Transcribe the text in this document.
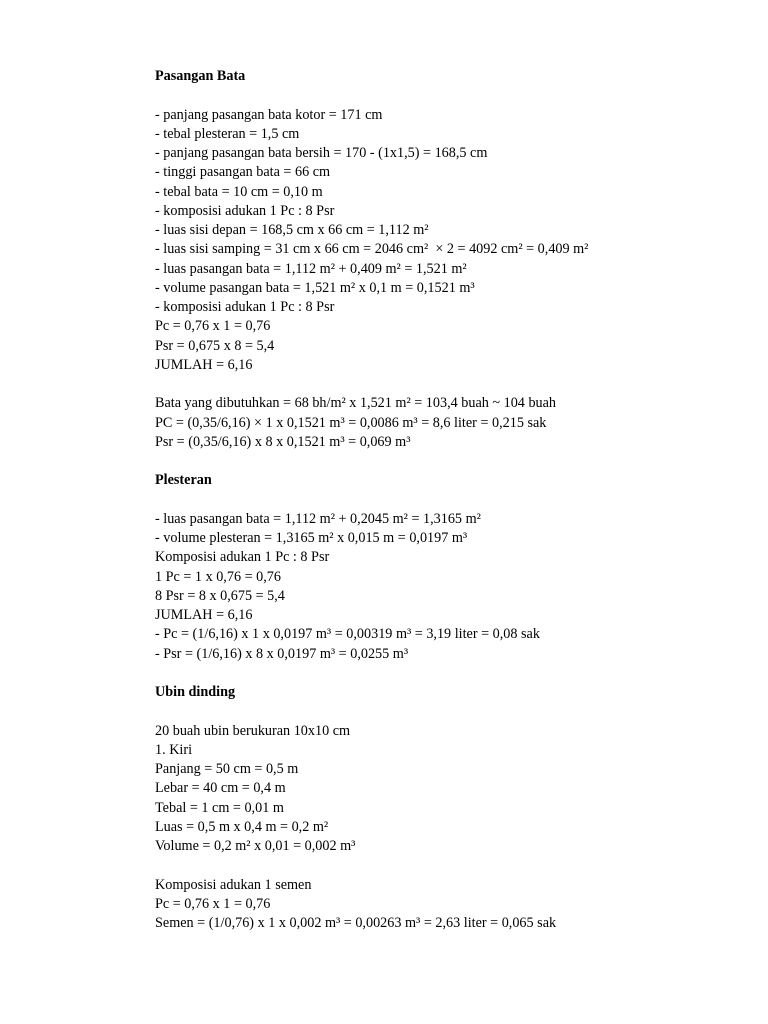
Pasangan Bata
- panjang pasangan bata kotor = 171 cm
- tebal plesteran = 1,5 cm
- panjang pasangan bata bersih = 170 - (1x1,5) = 168,5 cm
- tinggi pasangan bata = 66 cm
- tebal bata = 10 cm = 0,10 m
- komposisi adukan 1 Pc : 8 Psr
- luas sisi depan = 168,5 cm x 66 cm = 1,112 m²
- luas sisi samping = 31 cm x 66 cm = 2046 cm²  × 2 = 4092 cm² = 0,409 m²
- luas pasangan bata = 1,112 m² + 0,409 m² = 1,521 m²
- volume pasangan bata = 1,521 m² x 0,1 m = 0,1521 m³
- komposisi adukan 1 Pc : 8 Psr
Pc = 0,76 x 1 = 0,76
Psr = 0,675 x 8 = 5,4
JUMLAH = 6,16
Bata yang dibutuhkan = 68 bh/m² x 1,521 m² = 103,4 buah ~ 104 buah
PC = (0,35/6,16) × 1 x 0,1521 m³ = 0,0086 m³ = 8,6 liter = 0,215 sak
Psr = (0,35/6,16) x 8 x 0,1521 m³ = 0,069 m³
Plesteran
- luas pasangan bata = 1,112 m² + 0,2045 m² = 1,3165 m²
- volume plesteran = 1,3165 m² x 0,015 m = 0,0197 m³
Komposisi adukan 1 Pc : 8 Psr
1 Pc = 1 x 0,76 = 0,76
8 Psr = 8 x 0,675 = 5,4
JUMLAH = 6,16
- Pc = (1/6,16) x 1 x 0,0197 m³ = 0,00319 m³ = 3,19 liter = 0,08 sak
- Psr = (1/6,16) x 8 x 0,0197 m³ = 0,0255 m³
Ubin dinding
20 buah ubin berukuran 10x10 cm
1. Kiri
Panjang = 50 cm = 0,5 m
Lebar = 40 cm = 0,4 m
Tebal = 1 cm = 0,01 m
Luas = 0,5 m x 0,4 m = 0,2 m²
Volume = 0,2 m² x 0,01 = 0,002 m³
Komposisi adukan 1 semen
Pc = 0,76 x 1 = 0,76
Semen = (1/0,76) x 1 x 0,002 m³ = 0,00263 m³ = 2,63 liter = 0,065 sak
